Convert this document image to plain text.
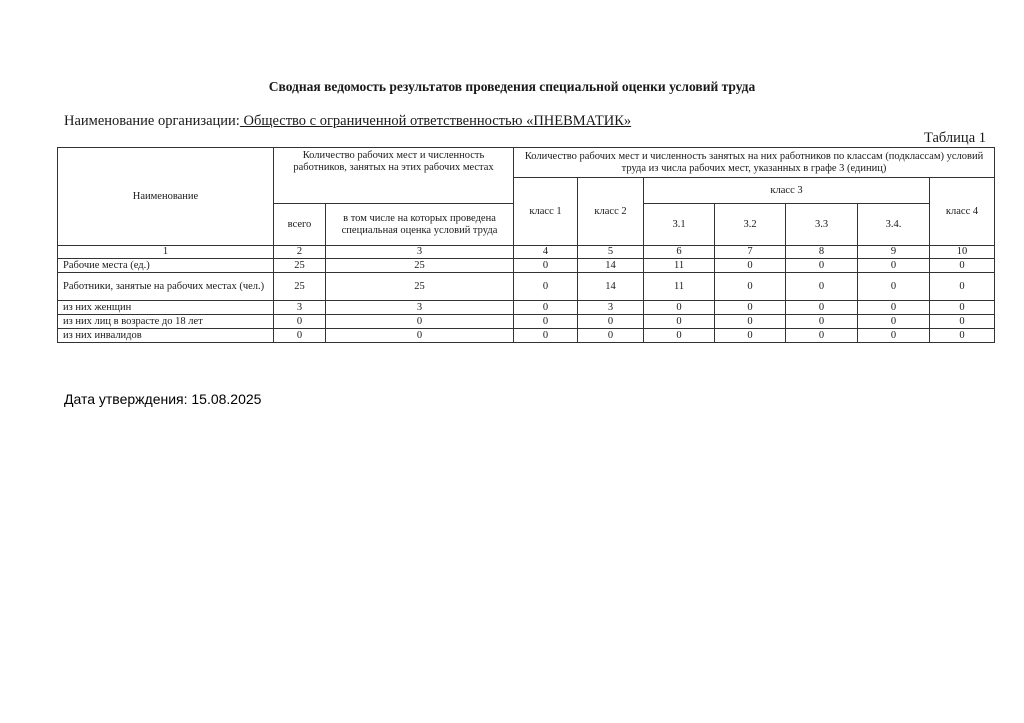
Сводная ведомость результатов проведения специальной оценки условий труда
Наименование организации: Общество с ограниченной ответственностью «ПНЕВМАТИК»
Таблица 1
Наименование	Количество рабочих мест и численность работников, занятых на этих рабочих местах		Количество рабочих мест и численность занятых на них работников по классам (подклассам) условий труда из числа рабочих мест, указанных в графе 3 (единиц)						
			класс 1	класс 2	класс 3				класс 4
	всего	в том числе на которых проведена специальная оценка условий труда			3.1	3.2	3.3	3.4.	
1	2	3	4	5	6	7	8	9	10
Рабочие места (ед.)	25	25	0	14	11	0	0	0	0
Работники, занятые на рабочих местах (чел.)	25	25	0	14	11	0	0	0	0
из них женщин	3	3	0	3	0	0	0	0	0
из них лиц в возрасте до 18 лет	0	0	0	0	0	0	0	0	0
из них инвалидов	0	0	0	0	0	0	0	0	0
Дата утверждения: 15.08.2025
